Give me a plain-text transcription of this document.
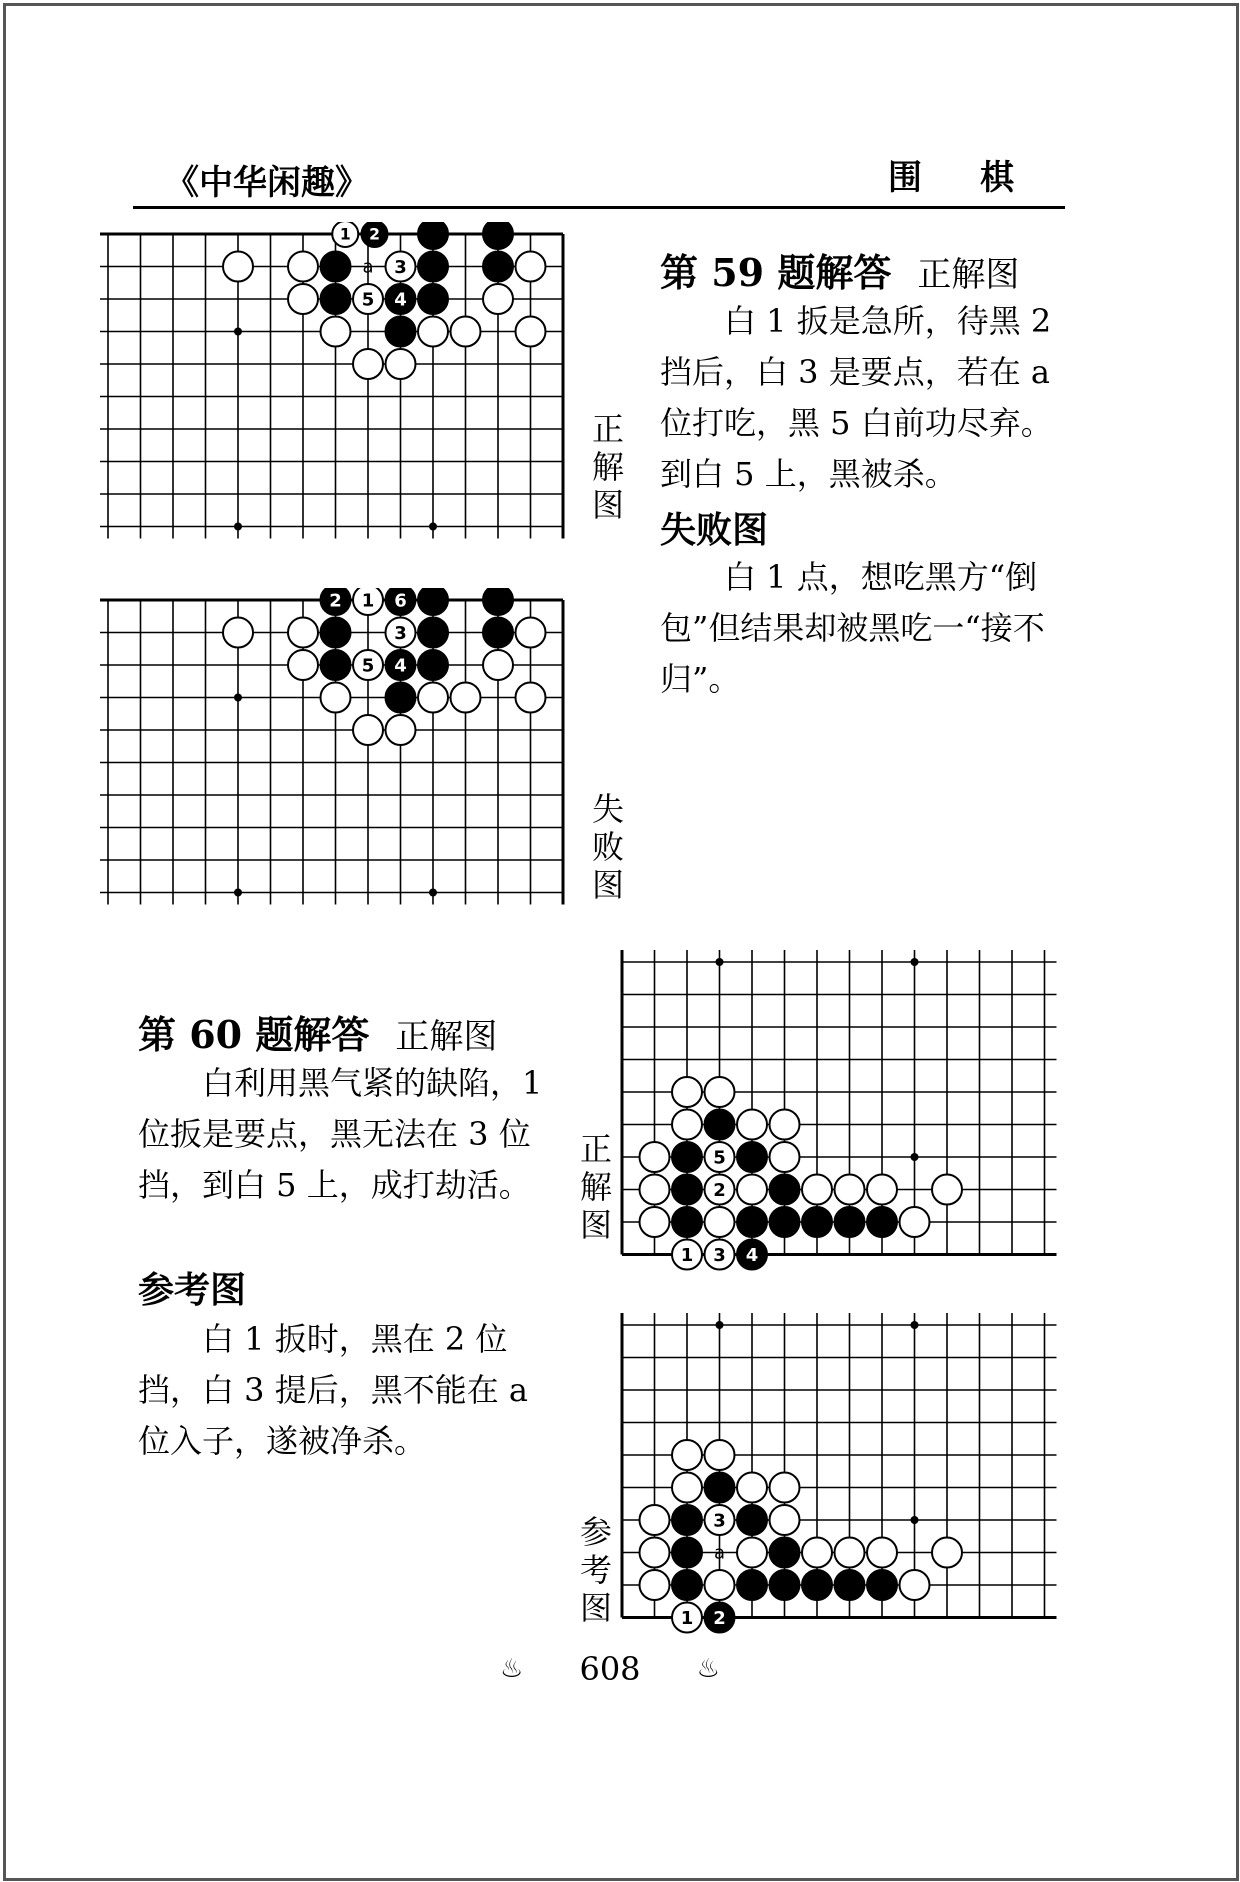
《中华闲趣》	围棋
a 3
5 4
1 2
正解图
2 1 6
3
5 4
失败图
第 59 题解答 正解图
白 1 扳是急所，待黑 2 挡后，白 3 是要点，若在 a 位打吃，黑 5 白前功尽弃。到白 5 上，黑被杀。
失败图
白 1 点，想吃黑方“倒包”但结果却被黑吃一“接不归”。
第 60 题解答 正解图
白利用黑气紧的缺陷，1 位扳是要点，黑无法在 3 位挡，到白 5 上，成打劫活。
参考图
白 1 扳时，黑在 2 位挡，白 3 提后，黑不能在 a 位入子，遂被净杀。
5
2
1 3 4
正解图
a
3
1 2
参考图
♨ 608 ♨
